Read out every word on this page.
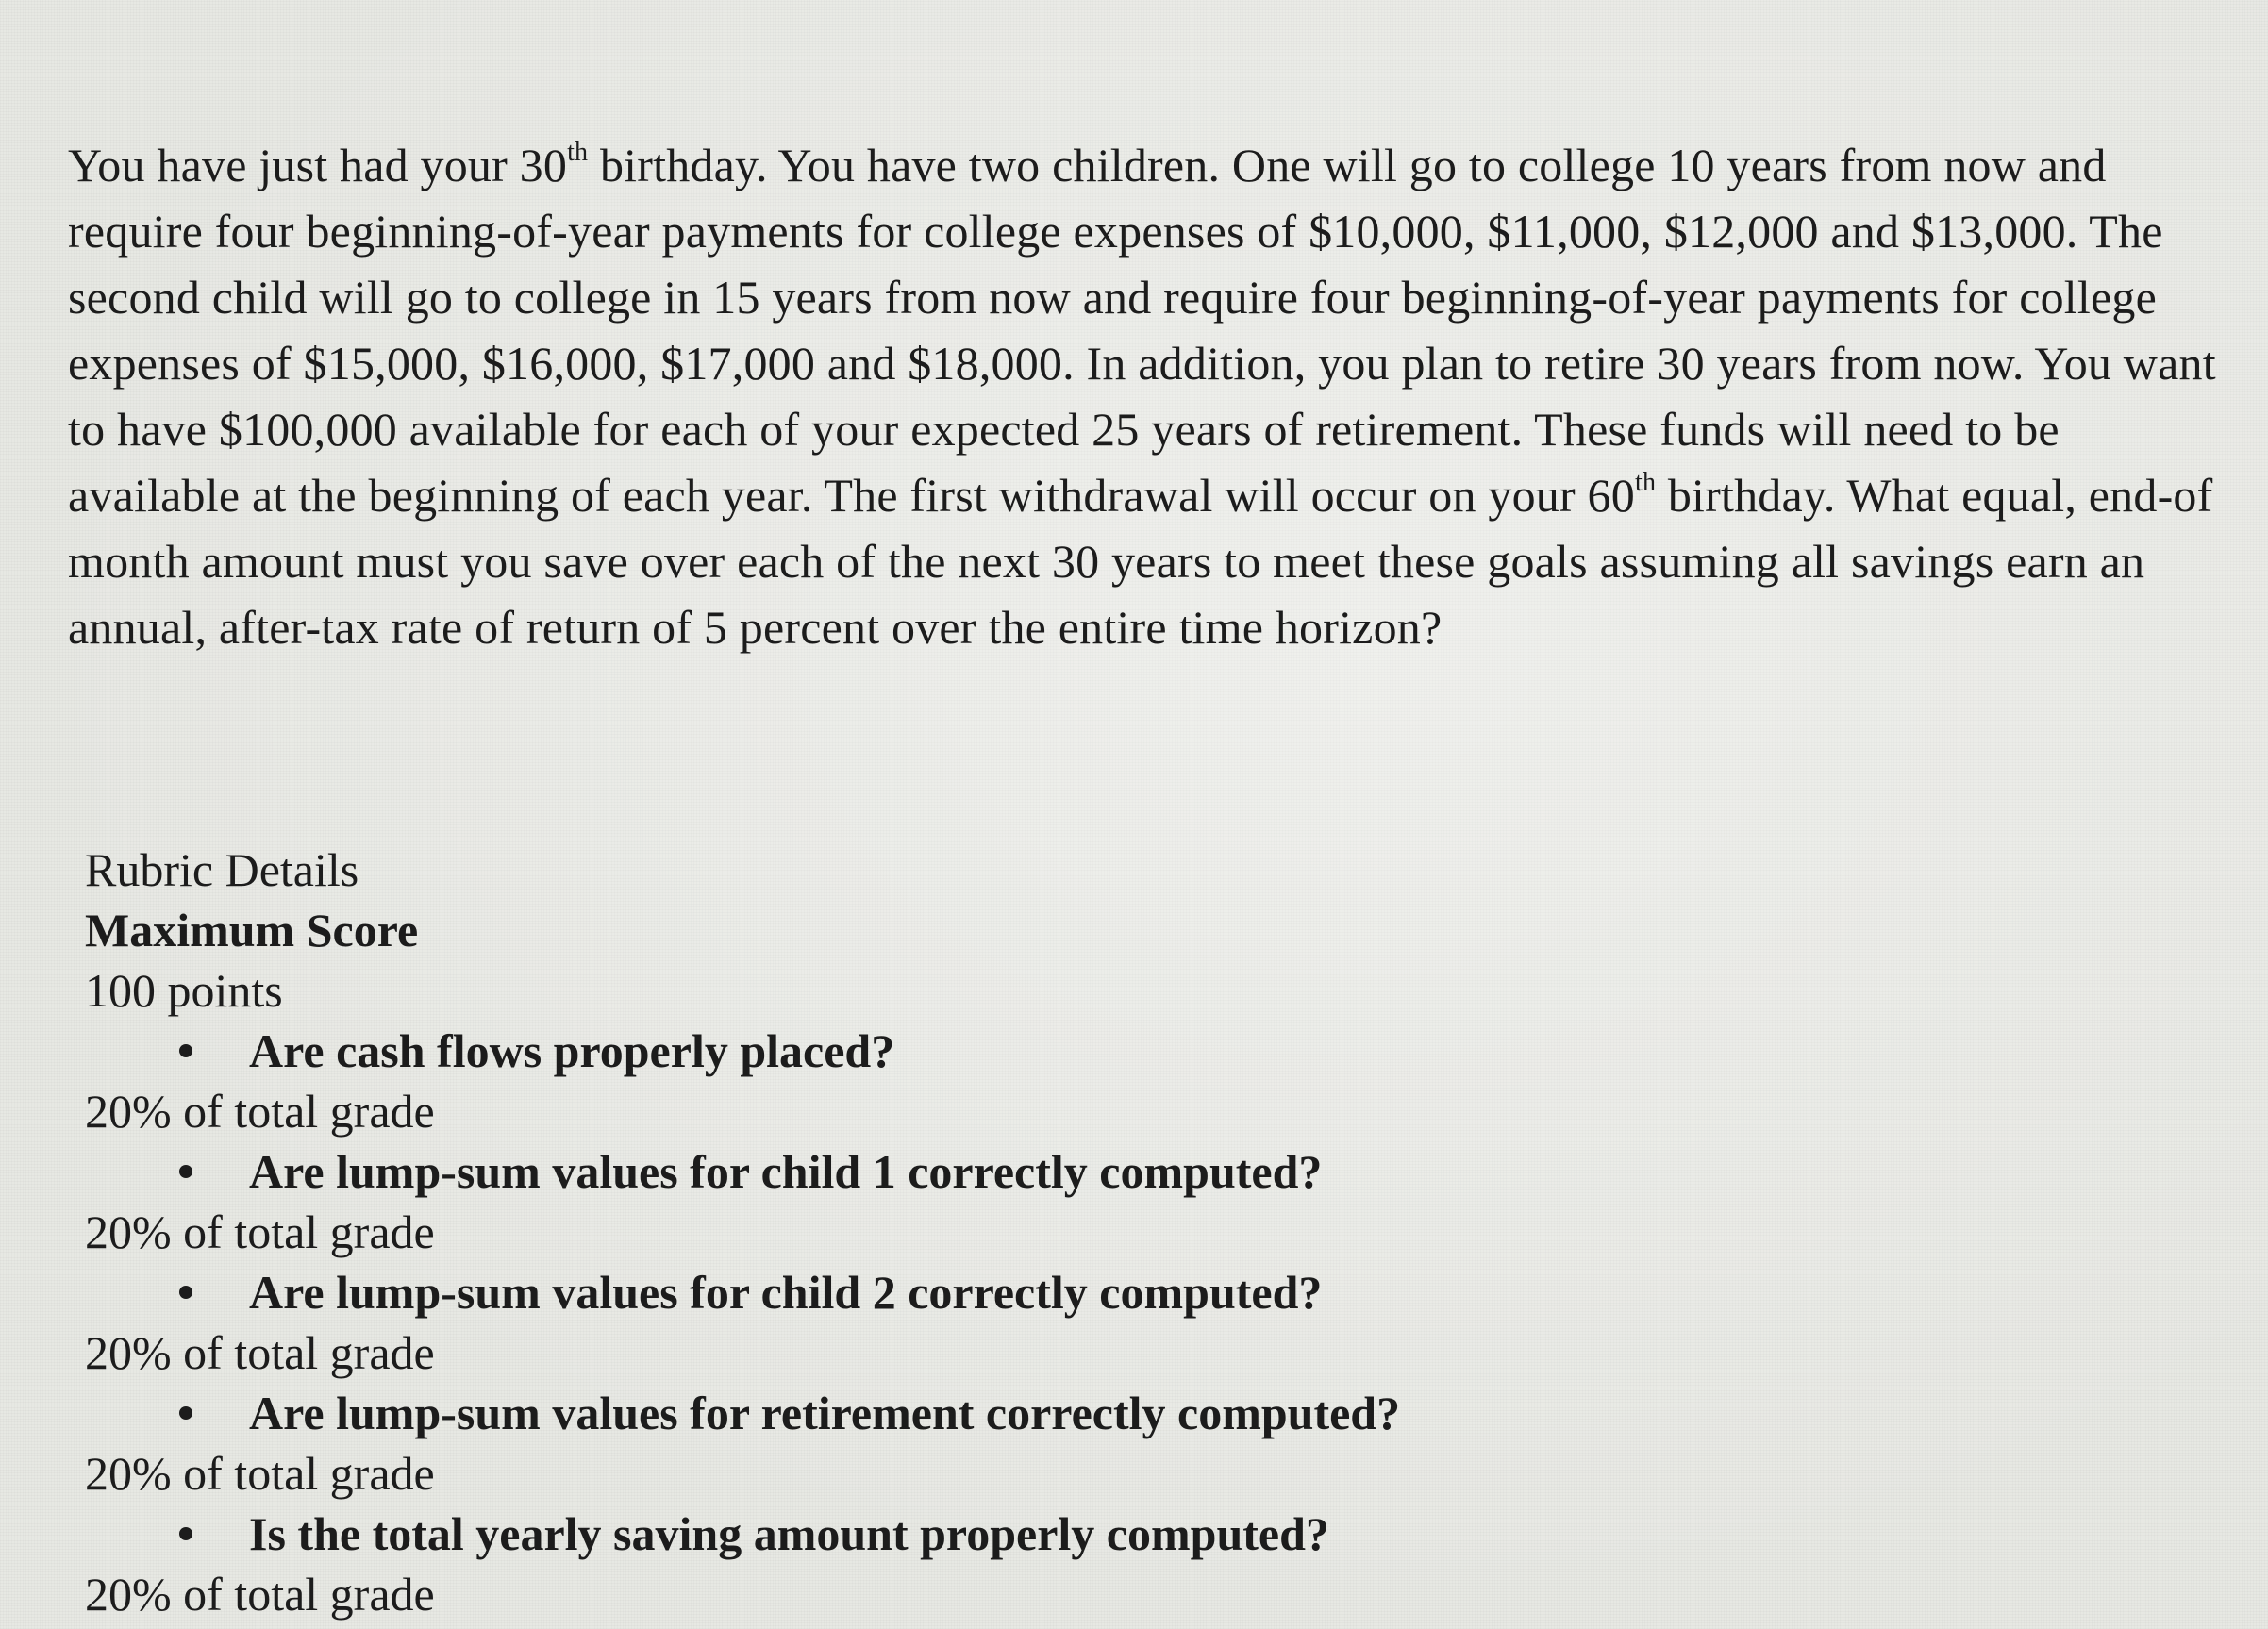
You have just had your 30th birthday. You have two children. One will go to college 10 years from now and require four beginning-of-year payments for college expenses of $10,000, $11,000, $12,000 and $13,000. The second child will go to college in 15 years from now and require four beginning-of-year payments for college expenses of $15,000, $16,000, $17,000 and $18,000. In addition, you plan to retire 30 years from now. You want to have $100,000 available for each of your expected 25 years of retirement. These funds will need to be available at the beginning of each year. The first withdrawal will occur on your 60th birthday. What equal, end-of month amount must you save over each of the next 30 years to meet these goals assuming all savings earn an annual, after-tax rate of return of 5 percent over the entire time horizon?

Rubric Details
Maximum Score
100 points
Are cash flows properly placed?
20% of total grade
Are lump-sum values for child 1 correctly computed?
20% of total grade
Are lump-sum values for child 2 correctly computed?
20% of total grade
Are lump-sum values for retirement correctly computed?
20% of total grade
Is the total yearly saving amount properly computed?
20% of total grade
